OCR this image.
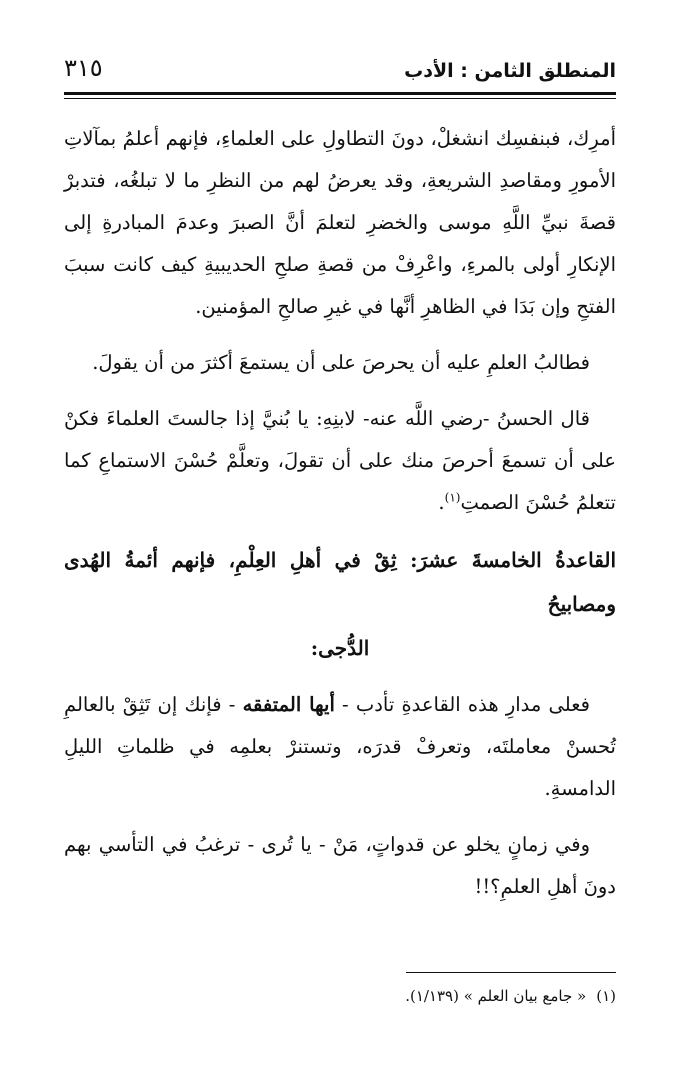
٣١٥	المنطلق الثامن : الأدب

أمرِك، فبنفسِك انشغلْ، دونَ التطاولِ على العلماءِ، فإنهم أعلمُ بمآلاتِ الأمورِ ومقاصدِ الشريعةِ، وقد يعرضُ لهم من النظرِ ما لا تبلغُه، فتدبرْ قصةَ نبيِّ اللَّهِ موسى والخضرِ لتعلمَ أنَّ الصبرَ وعدمَ المبادرةِ إلى الإنكارِ أولى بالمرءِ، واعْرِفْ من قصةِ صلحِ الحديبيةِ كيف كانت سببَ الفتحِ وإن بَدَا في الظاهرِ أنَّها في غيرِ صالحِ المؤمنين.

فطالبُ العلمِ عليه أن يحرصَ على أن يستمعَ أكثرَ من أن يقولَ.

قال الحسنُ -رضي اللَّه عنه- لابنِهِ: يا بُنيَّ إذا جالستَ العلماءَ فكنْ على أن تسمعَ أحرصَ منك على أن تقولَ، وتعلَّمْ حُسْنَ الاستماعِ كما تتعلمُ حُسْنَ الصمتِ$^{(١)}$.

القاعدةُ الخامسةَ عشرَ: ثِقْ في أهلِ العِلْمِ، فإنهم أئمةُ الهُدى ومصابيحُ
الدُّجى:

فعلى مدارِ هذه القاعدةِ تأدب - أيها المتفقه - فإنك إن تَثِقْ بالعالمِ تُحسنْ معاملتَه، وتعرفْ قدرَه، وتستنرْ بعلمِه في ظلماتِ الليلِ الدامسةِ.

وفي زمانٍ يخلو عن قدواتٍ، مَنْ - يا تُرى - ترغبُ في التأسي بهم دونَ أهلِ العلمِ؟!!

(١)« جامع بيان العلم » (١/١٣٩).
